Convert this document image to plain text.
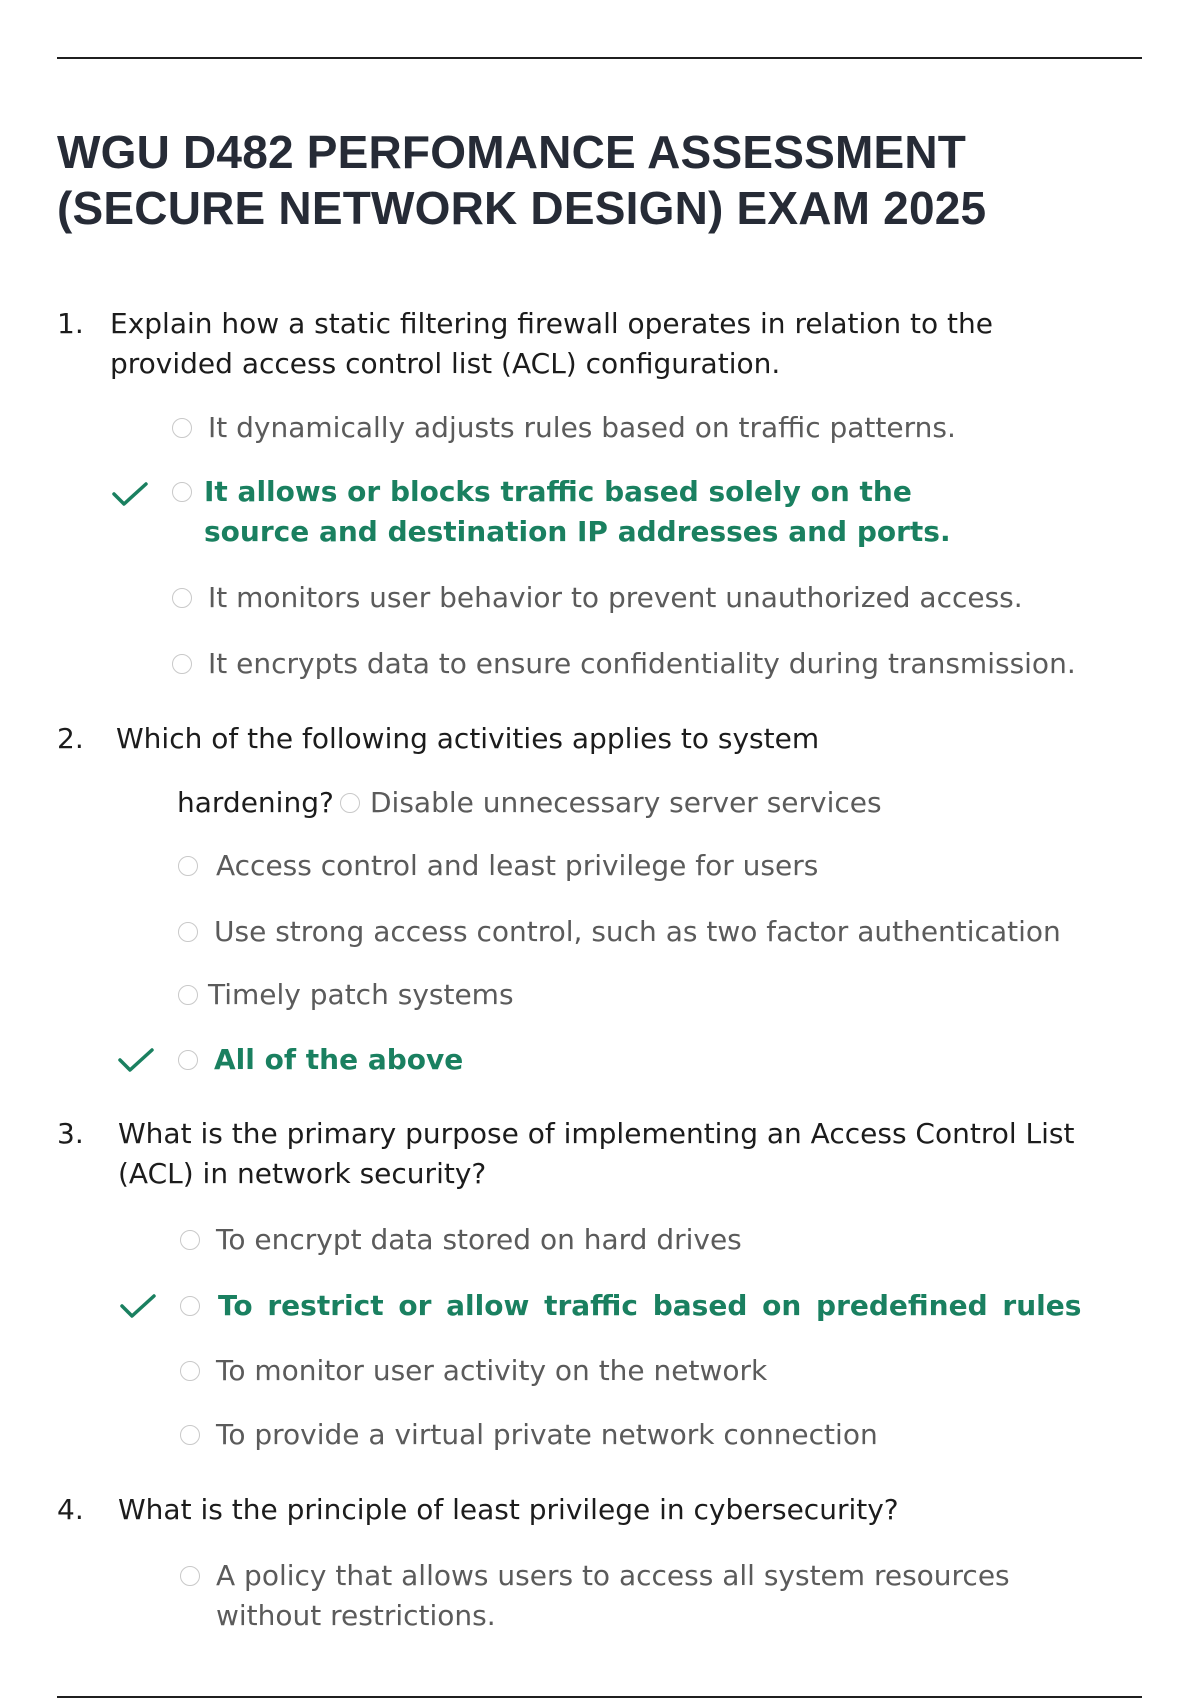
WGU D482 PERFOMANCE ASSESSMENT (SECURE NETWORK DESIGN) EXAM 2025
1. Explain how a static filtering firewall operates in relation to the provided access control list (ACL) configuration.

It dynamically adjusts rules based on traffic patterns.
It allows or blocks traffic based solely on the source and destination IP addresses and ports.
It monitors user behavior to prevent unauthorized access.
It encrypts data to ensure confidentiality during transmission.
2. Which of the following activities applies to system

hardening? Disable unnecessary server services
Access control and least privilege for users
Use strong access control, such as two factor authentication
Timely patch systems
All of the above
3. What is the primary purpose of implementing an Access Control List (ACL) in network security?

To encrypt data stored on hard drives
To restrict or allow traffic based on predefined rules
To monitor user activity on the network
To provide a virtual private network connection
4. What is the principle of least privilege in cybersecurity?

A policy that allows users to access all system resources without restrictions.
